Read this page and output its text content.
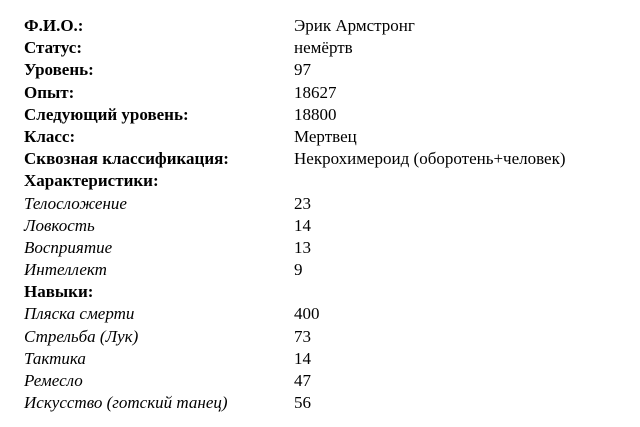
Ф.И.О.:	Эрик Армстронг
Статус:	немёртв
Уровень:	97
Опыт:	18627
Следующий уровень:	18800
Класс:	Мертвец
Сквозная классификация:	Некрохимероид (оборотень+человек)
Характеристики:
Телосложение	23
Ловкость	14
Восприятие	13
Интеллект	9
Навыки:
Пляска смерти	400
Стрельба (Лук)	73
Тактика	14
Ремесло	47
Искусство (готский танец)	56
